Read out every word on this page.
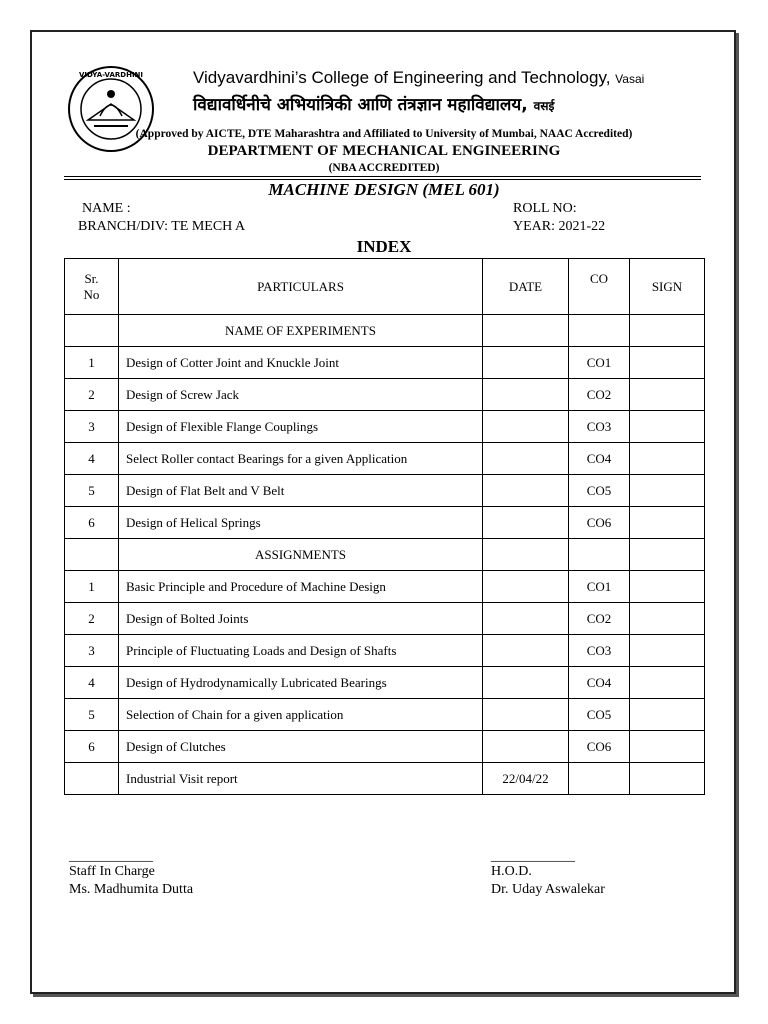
VIDYA-VARDHINI	Vidyavardhini’s College of Engineering and Technology, Vasai
विद्यावर्धिनीचे अभियांत्रिकी आणि तंत्रज्ञान महाविद्यालय, वसई
(Approved by AICTE, DTE Maharashtra and Affiliated to University of Mumbai, NAAC Accredited)
DEPARTMENT OF MECHANICAL ENGINEERING
(NBA ACCREDITED)
MACHINE DESIGN (MEL 601)
NAME :	ROLL NO:
BRANCH/DIV: TE MECH A	YEAR: 2021-22
INDEX
Sr.
No	PARTICULARS	DATE	CO	SIGN
	NAME OF EXPERIMENTS			
1	Design of Cotter Joint and Knuckle Joint		CO1	
2	Design of Screw Jack		CO2	
3	Design of Flexible Flange Couplings		CO3	
4	Select Roller contact Bearings for a given Application		CO4	
5	Design of Flat Belt and V Belt		CO5	
6	Design of Helical Springs		CO6	
	ASSIGNMENTS			
1	Basic Principle and Procedure of Machine Design		CO1	
2	Design of Bolted Joints		CO2	
3	Principle of Fluctuating Loads and Design of Shafts		CO3	
4	Design of Hydrodynamically Lubricated Bearings		CO4	
5	Selection of Chain for a given application		CO5	
6	Design of Clutches		CO6	
	Industrial Visit report	22/04/22		
____________
Staff In Charge
Ms. Madhumita Dutta
____________
H.O.D.
Dr. Uday Aswalekar
